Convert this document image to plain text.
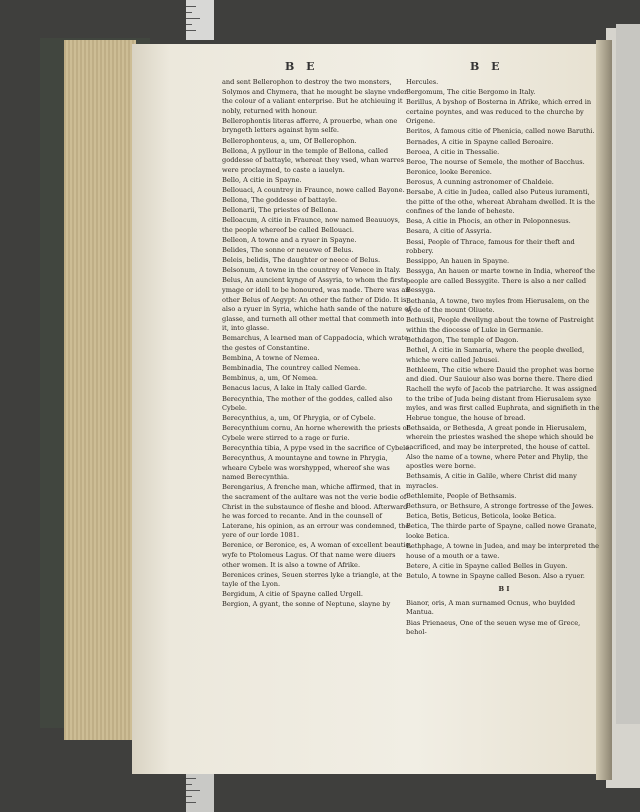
B E	B E

and sent Bellerophon to destroy the two monsters, Solymos and Chymera, that he mought be slayne vnder the colour of a valiant enterprise. But he atchieuing it nobly, returned with honour.

Bellerophontis literas afferre, A prouerbe, whan one bryngeth letters against hym selfe.

Bellerophonteus, a, um, Of Bellerophon.

Bellona, A pyllour in the temple of Bellona, called goddesse of battayle, whereat they vsed, whan warres were proclaymed, to caste a iauelyn.

Bello, A citie in Spayne.

Bellouaci, A countrey in Fraunce, nowe called Bayone.

Bellona, The goddesse of battayle.

Bellonarii, The priestes of Bellona.

Belloacum, A citie in Fraunce, now named Beauuoys, the people whereof be called Bellouaci.

Belleon, A towne and a ryuer in Spayne.

Belides, The sonne or neuewe of Belus.

Beleis, belidis, The daughter or neece of Belus.

Belsonum, A towne in the countrey of Venece in Italy.

Belus, An auncient kynge of Assyria, to whom the firste ymage or idoll to be honoured, was made. There was an other Belus of Aegypt: An other the father of Dido. It is also a ryuer in Syria, whiche hath sande of the nature of glasse, and turneth all other mettal that commeth into it, into glasse.

Bemarchus, A learned man of Cappadocia, which wrate the gestes of Constantine.

Bembina, A towne of Nemea.

Bembinadia, The countrey called Nemea.

Bembinus, a, um, Of Nemea.

Benacus lacus, A lake in Italy called Garde.

Berecynthia, The mother of the goddes, called also Cybele.

Berecynthius, a, um, Of Phrygia, or of Cybele.

Berecynthium cornu, An horne wherewith the priests of Cybele were stirred to a rage or furie.

Berecynthia tibia, A pype vsed in the sacrifice of Cybele.

Berecynthus, A mountayne and towne in Phrygia, wheare Cybele was worshypped, whereof she was named Berecynthia.

Berengarius, A frenche man, whiche affirmed, that in the sacrament of the aultare was not the verie bodie of Christ in the substaunce of fleshe and blood. Afterward he was forced to recante. And in the counsell of Laterane, his opinion, as an errour was condemned, the yere of our lorde 1081.

Berenice, or Beronice, es, A woman of excellent beautie, wyfe to Ptolomeus Lagus. Of that name were diuers other women. It is also a towne of Afrike.

Berenices crines, Seuen sterres lyke a triangle, at the tayle of the Lyon.

Bergidum, A citie of Spayne called Urgell.

Bergion, A gyant, the sonne of Neptune, slayne by

Hercules.

Bergomum, The citie Bergomo in Italy.

Berillus, A byshop of Bosterna in Afrike, which erred in certaine poyntes, and was reduced to the churche by Origene.

Beritos, A famous citie of Phenicia, called nowe Baruthi.

Bernades, A citie in Spayne called Beroaire.

Beroea, A citie in Thessalie.

Beroe, The nourse of Semele, the mother of Bacchus.

Beronice, looke Berenice.

Berosus, A cunning astronomer of Chaldeie.

Bersabe, A citie in Judea, called also Puteus iuramenti, the pitte of the othe, whereat Abraham dwelled. It is the confines of the lande of beheste.

Besa, A citie in Phocis, an other in Peloponnesus.

Besara, A citie of Assyria.

Bessi, People of Thrace, famous for their theft and robbery.

Bessippo, An hauen in Spayne.

Bessyga, An hauen or marte towne in India, whereof the people are called Bessygite. There is also a ner called Bessyga.

Bethania, A towne, two myles from Hierusalem, on the syde of the mount Oliuete.

Bethusii, People dwellyng about the towne of Pastreight within the diocesse of Luke in Germanie.

Bethdagon, The temple of Dagon.

Bethel, A citie in Samaria, where the people dwelled, whiche were called Jebusei.

Bethleem, The citie where Dauid the prophet was borne and died. Our Sauiour also was borne there. There died Rachell the wyfe of Jacob the patriarche. It was assigned to the tribe of Juda being distant from Hierusalem syxe myles, and was first called Euphrata, and signifieth in the Hebrue tongue, the house of bread.

Bethsaida, or Bethesda, A great ponde in Hierusalem, wherein the priestes washed the shepe which should be sacrificed, and may be interpreted, the house of cattel. Also the name of a towne, where Peter and Phylip, the apostles were borne.

Bethsamis, A citie in Galile, where Christ did many myracles.

Bethlemite, People of Bethsamis.

Bethsura, or Bethsure, A stronge fortresse of the Jewes.

Betica, Betis, Beticus, Beticola, looke Betica.

Betica, The thirde parte of Spayne, called nowe Granate, looke Betica.

Bethphage, A towne in Judea, and may be interpreted the house of a mouth or a tawe.

Betere, A citie in Spayne called Belles in Guyen.

Betulo, A towne in Spayne called Beson. Also a ryuer.

B I

Bianor, oris, A man surnamed Ocnus, who buylded Mantua.

Bias Prienaeus, One of the seuen wyse me of Grece, behol-
